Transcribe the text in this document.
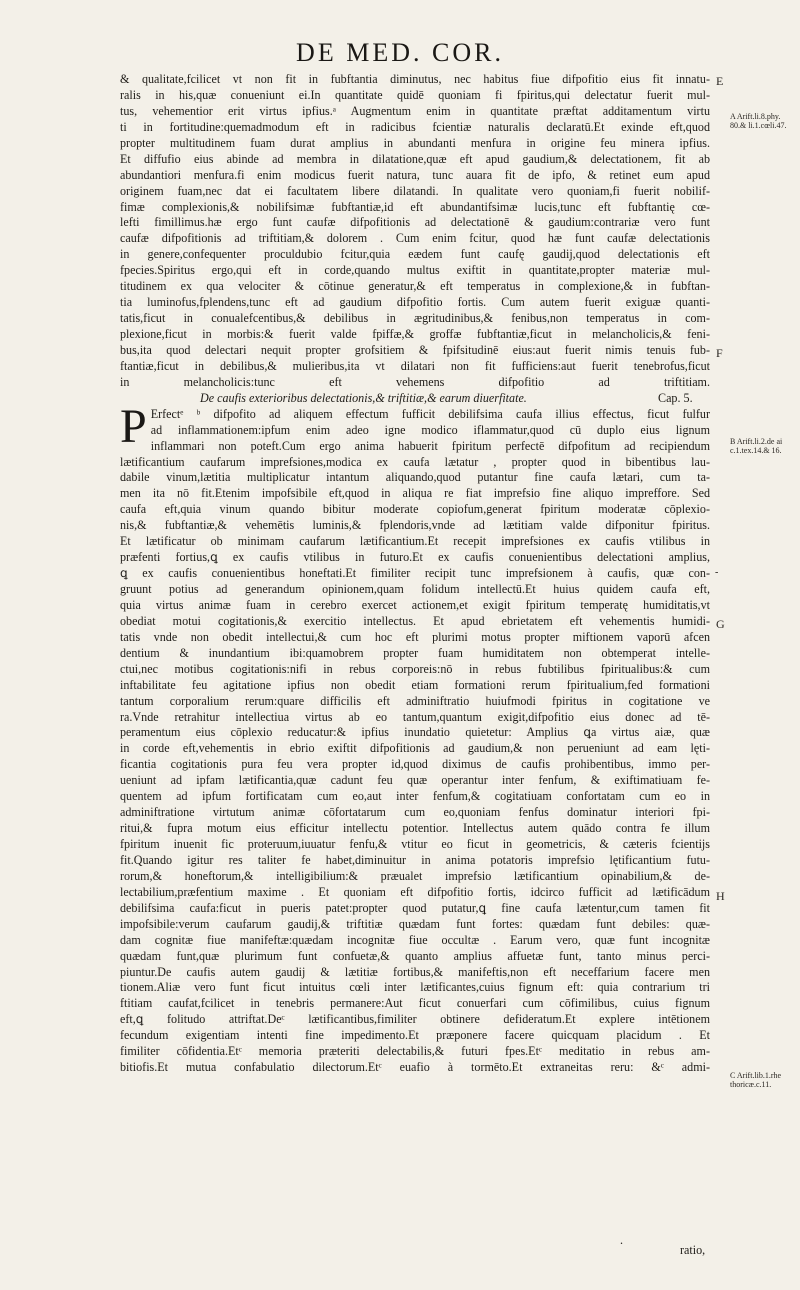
DE MED. COR.
& qualitate,fcilicet vt non fit in fubftantia diminutus, nec habitus fiue difpofitio eius fit innatu-
ralis in his,quæ conueniunt ei.In quantitate quidē quoniam fi fpiritus,qui delectatur fuerit mul-
tus, vehementior erit virtus ipfius.ᵃ Augmentum enim in quantitate præftat additamentum virtu
ti in fortitudine:quemadmodum eft in radicibus fcientiæ naturalis declaratū.Et exinde eft,quod
propter multitudinem fuam durat amplius in abundanti menfura in origine feu minera ipfius.
Et diffufio eius abinde ad membra in dilatatione,quæ eft apud gaudium,& delectationem, fit ab
abundantiori menfura.fi enim modicus fuerit natura, tunc auara fit de ipfo, & retinet eum apud
originem fuam,nec dat ei facultatem libere dilatandi. In qualitate vero quoniam,fi fuerit nobilif-
fimæ complexionis,& nobilifsimæ fubftantiæ,id eft abundantifsimæ lucis,tunc eft fubftantię cœ-
lefti fimillimus.hæ ergo funt caufæ difpofitionis ad delectationē & gaudium:contrariæ vero funt
caufæ difpofitionis ad triftitiam,& dolorem . Cum enim fcitur, quod hæ funt caufæ delectationis
in genere,confequenter proculdubio fcitur,quia eædem funt caufę gaudij,quod delectationis eft
fpecies.Spiritus ergo,qui eft in corde,quando multus exiftit in quantitate,propter materiæ mul-
titudinem ex qua velociter & cōtinue generatur,& eft temperatus in complexione,& in fubftan-
tia luminofus,fplendens,tunc eft ad gaudium difpofitio fortis. Cum autem fuerit exiguæ quanti-
tatis,ficut in conualefcentibus,& debilibus in ægritudinibus,& fenibus,non temperatus in com-
plexione,ficut in morbis:& fuerit valde fpiffæ,& groffæ fubftantiæ,ficut in melancholicis,& feni-
bus,ita quod delectari nequit propter grofsitiem & fpifsitudinē eius:aut fuerit nimis tenuis fub-
ftantiæ,ficut in debilibus,& mulieribus,ita vt dilatari non fit fufficiens:aut fuerit tenebrofus,ficut
in melancholicis:tunc eft vehemens difpofitio ad triftitiam.
De caufis exterioribus delectationis,& triftitiæ,& earum diuerfitate.	Cap. 5.
P Erfectᵉ ᵇ difpofito ad aliquem effectum fufficit debilifsima caufa illius effectus, ficut fulfur
ad inflammationem:ipfum enim adeo igne modico iflammatur,quod cū duplo eius lignum
inflammari non poteft.Cum ergo anima habuerit fpiritum perfectē difpofitum ad recipiendum
lætificantium caufarum imprefsiones,modica ex caufa lætatur , propter quod in bibentibus lau-
dabile vinum,lætitia multiplicatur intantum aliquando,quod putantur fine caufa lætari, cum ta-
men ita nō fit.Etenim impofsibile eft,quod in aliqua re fiat imprefsio fine aliquo impreffore. Sed
caufa eft,quia vinum quando bibitur moderate copiofum,generat fpiritum moderatæ cōplexio-
nis,& fubftantiæ,& vehemētis luminis,& fplendoris,vnde ad lætitiam valde difponitur fpiritus.
Et lætificatur ob minimam caufarum lætificantium.Et recepit imprefsiones ex caufis vtilibus in
præfenti fortius,ꝗ ex caufis vtilibus in futuro.Et ex caufis conuenientibus delectationi amplius,
ꝗ ex caufis conuenientibus honeftati.Et fimiliter recipit tunc imprefsionem à caufis, quæ con-
gruunt potius ad generandum opinionem,quam folidum intellectū.Et huius quidem caufa eft,
quia virtus animæ fuam in cerebro exercet actionem,et exigit fpiritum temperatę humiditatis,vt
obediat motui cogitationis,& exercitio intellectus. Et apud ebrietatem eft vehementis humidi-
tatis vnde non obedit intellectui,& cum hoc eft plurimi motus propter miftionem vaporū afcen
dentium & inundantium ibi:quamobrem propter fuam humiditatem non obtemperat intelle-
ctui,nec motibus cogitationis:nifi in rebus corporeis:nō in rebus fubtilibus fpiritualibus:& cum
inftabilitate feu agitatione ipfius non obedit etiam formationi rerum fpiritualium,fed formationi
tantum corporalium rerum:quare difficilis eft adminiftratio huiufmodi fpiritus in cogitatione ve
ra.Vnde retrahitur intellectiua virtus ab eo tantum,quantum exigit,difpofitio eius donec ad tē-
peramentum eius cōplexio reducatur:& ipfius inundatio quietetur: Amplius ꝗa virtus aiæ, quæ
in corde eft,vehementis in ebrio exiftit difpofitionis ad gaudium,& non perueniunt ad eam lęti-
ficantia cogitationis pura feu vera propter id,quod diximus de caufis prohibentibus, immo per-
ueniunt ad ipfam lætificantia,quæ cadunt feu quæ operantur inter fenfum, & exiftimatiuam fe-
quentem ad ipfum fortificatam cum eo,aut inter fenfum,& cogitatiuam confortatam cum eo in
adminiftratione virtutum animæ cōfortatarum cum eo,quoniam fenfus dominatur interiori fpi-
ritui,& fupra motum eius efficitur intellectu potentior. Intellectus autem quādo contra fe illum
fpiritum inuenit fic proteruum,iuuatur fenfu,& vtitur eo ficut in geometricis, & cæteris fcientijs
fit.Quando igitur res taliter fe habet,diminuitur in anima potatoris imprefsio lętificantium futu-
rorum,& honeftorum,& intelligibilium:& præualet imprefsio lætificantium opinabilium,& de-
lectabilium,præfentium maxime . Et quoniam eft difpofitio fortis, idcirco fufficit ad lætificādum
debilifsima caufa:ficut in pueris patet:propter quod putatur,ꝗ fine caufa lætentur,cum tamen fit
impofsibile:verum caufarum gaudij,& triftitiæ quædam funt fortes: quædam funt debiles: quæ-
dam cognitæ fiue manifeftæ:quædam incognitæ fiue occultæ . Earum vero, quæ funt incognitæ
quædam funt,quæ plurimum funt confuetæ,& quanto amplius affuetæ funt, tanto minus perci-
piuntur.De caufis autem gaudij & lætitiæ fortibus,& manifeftis,non eft neceffarium facere men
tionem.Aliæ vero funt ficut intuitus cœli inter lætificantes,cuius fignum eft: quia contrarium tri
ftitiam caufat,fcilicet in tenebris permanere:Aut ficut conuerfari cum cōfimilibus, cuius fignum
eft,ꝗ folitudo attriftat.Deᶜ lætificantibus,fimiliter obtinere defideratum.Et explere intētionem
fecundum exigentiam intenti fine impedimento.Et præponere facere quicquam placidum . Et
fimiliter cōfidentia.Etᶜ memoria præteriti delectabilis,& futuri fpes.Etᶜ meditatio in rebus am-
bitiofis.Et mutua confabulatio dilectorum.Etᶜ euafio à tormēto.Et extraneitas reru: &ᶜ admi-
.
ratio,
E
F
G
H
A Arift.li.8.phy.
80.& li.1.cœli.47.
B Arift.li.2.de ai
c.1.tex.14.& 16.
C Arift.lib.1.rhe
thoricæ.c.11.
-
